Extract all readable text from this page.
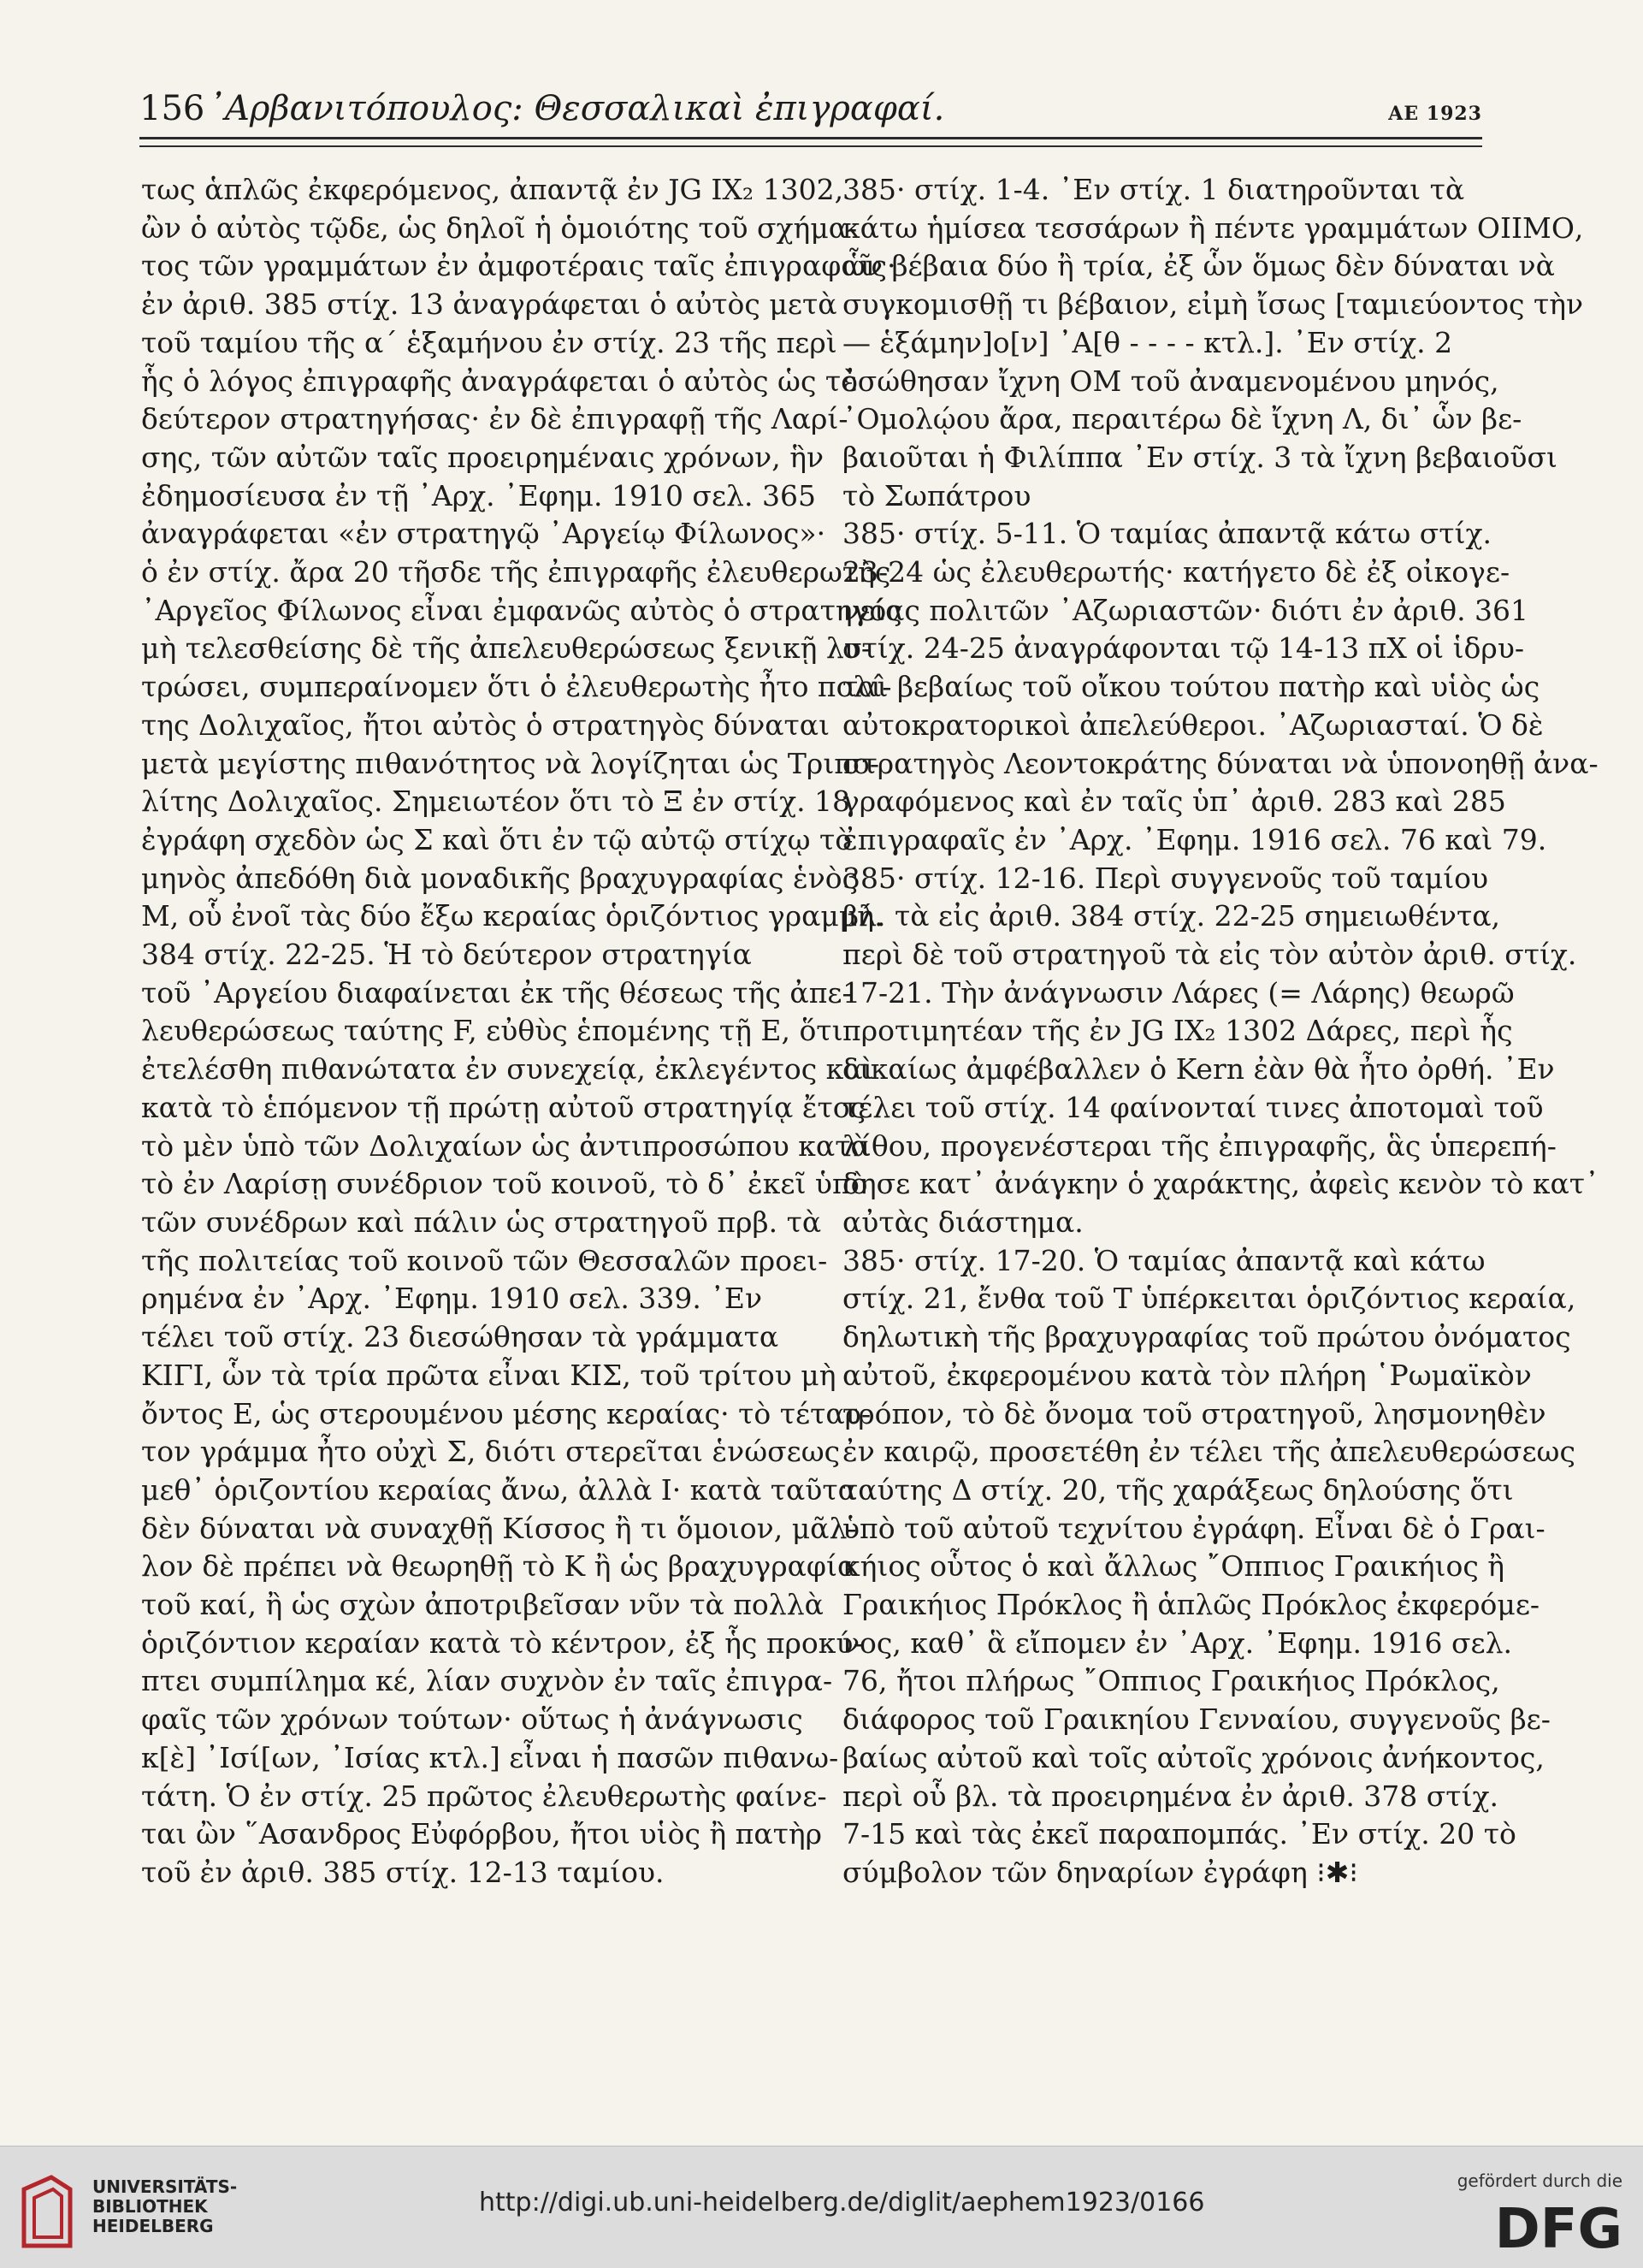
156 ᾿Αρβανιτόπουλος: Θεσσαλικαὶ ἐπιγραφαί.	ΑΕ 1923

τως ἁπλῶς ἐκφερόμενος, ἀπαντᾷ ἐν JG IX₂ 1302,

ὢν ὁ αὐτὸς τῷδε, ὡς δηλοῖ ἡ ὁμοιότης τοῦ σχήμα-

τος τῶν γραμμάτων ἐν ἀμφοτέραις ταῖς ἐπιγραφαῖς·

ἐν ἀριθ. 385 στίχ. 13 ἀναγράφεται ὁ αὐτὸς μετὰ

τοῦ ταμίου τῆς α΄ ἑξαμήνου ἐν στίχ. 23 τῆς περὶ

ἧς ὁ λόγος ἐπιγραφῆς ἀναγράφεται ὁ αὐτὸς ὡς τὸ

δεύτερον στρατηγήσας· ἐν δὲ ἐπιγραφῇ τῆς Λαρί-

σης, τῶν αὐτῶν ταῖς προειρημέναις χρόνων, ἣν

ἐδημοσίευσα ἐν τῇ ᾿Αρχ. ᾿Εφημ. 1910 σελ. 365

ἀναγράφεται «ἐν στρατηγῷ ᾿Αργείῳ Φίλωνος»·

ὁ ἐν στίχ. ἄρα 20 τῆσδε τῆς ἐπιγραφῆς ἐλευθερωτὴς

᾿Αργεῖος Φίλωνος εἶναι ἐμφανῶς αὐτὸς ὁ στρατηγός

μὴ τελεσθείσης δὲ τῆς ἀπελευθερώσεως ξενικῇ λυ-

τρώσει, συμπεραίνομεν ὅτι ὁ ἐλευθερωτὴς ἦτο πολί-

της Δολιχαῖος, ἤτοι αὐτὸς ὁ στρατηγὸς δύναται

μετὰ μεγίστης πιθανότητος νὰ λογίζηται ὡς Τριπο-

λίτης Δολιχαῖος. Σημειωτέον ὅτι τὸ Ξ ἐν στίχ. 18

ἐγράφη σχεδὸν ὡς Σ καὶ ὅτι ἐν τῷ αὐτῷ στίχῳ τὸ

μηνὸς ἀπεδόθη διὰ μοναδικῆς βραχυγραφίας ἑνὸς

Μ, οὗ ἐνοῖ τὰς δύο ἔξω κεραίας ὁριζόντιος γραμμή.

384 στίχ. 22-25. Ἡ τὸ δεύτερον στρατηγία

τοῦ ᾿Αργείου διαφαίνεται ἐκ τῆς θέσεως τῆς ἀπε-

λευθερώσεως ταύτης F, εὐθὺς ἑπομένης τῇ Ε, ὅτι

ἐτελέσθη πιθανώτατα ἐν συνεχείᾳ, ἐκλεγέντος καὶ

κατὰ τὸ ἑπόμενον τῇ πρώτῃ αὐτοῦ στρατηγίᾳ ἔτος

τὸ μὲν ὑπὸ τῶν Δολιχαίων ὡς ἀντιπροσώπου κατὰ

τὸ ἐν Λαρίσῃ συνέδριον τοῦ κοινοῦ, τὸ δ᾿ ἐκεῖ ὑπὸ

τῶν συνέδρων καὶ πάλιν ὡς στρατηγοῦ πρβ. τὰ

τῆς πολιτείας τοῦ κοινοῦ τῶν Θεσσαλῶν προει-

ρημένα ἐν ᾿Αρχ. ᾿Εφημ. 1910 σελ. 339. ᾿Εν

τέλει τοῦ στίχ. 23 διεσώθησαν τὰ γράμματα

ΚΙΓΙ, ὧν τὰ τρία πρῶτα εἶναι ΚΙΣ, τοῦ τρίτου μὴ

ὄντος Ε, ὡς στερουμένου μέσης κεραίας· τὸ τέταρ-

τον γράμμα ἦτο οὐχὶ Σ, διότι στερεῖται ἑνώσεως

μεθ᾿ ὁριζοντίου κεραίας ἄνω, ἀλλὰ Ι· κατὰ ταῦτα

δὲν δύναται νὰ συναχθῇ Κίσσος ἢ τι ὅμοιον, μᾶλ-

λον δὲ πρέπει νὰ θεωρηθῇ τὸ Κ ἢ ὡς βραχυγραφία

τοῦ καί, ἢ ὡς σχὼν ἀποτριβεῖσαν νῦν τὰ πολλὰ

ὁριζόντιον κεραίαν κατὰ τὸ κέντρον, ἐξ ἧς προκύ-

πτει συμπίλημα κέ, λίαν συχνὸν ἐν ταῖς ἐπιγρα-

φαῖς τῶν χρόνων τούτων· οὕτως ἡ ἀνάγνωσις

κ[ὲ] ᾿Ισί[ων, ᾿Ισίας κτλ.] εἶναι ἡ πασῶν πιθανω-

τάτη. Ὁ ἐν στίχ. 25 πρῶτος ἐλευθερωτὴς φαίνε-

ται ὢν ῞Ασανδρος Εὐφόρβου, ἤτοι υἱὸς ἢ πατὴρ

τοῦ ἐν ἀριθ. 385 στίχ. 12-13 ταμίου.

385· στίχ. 1-4. ᾿Εν στίχ. 1 διατηροῦνται τὰ

κάτω ἡμίσεα τεσσάρων ἢ πέντε γραμμάτων ΟΙΙΜΟ,

ὧν βέβαια δύο ἢ τρία, ἐξ ὧν ὅμως δὲν δύναται νὰ

συγκομισθῇ τι βέβαιον, εἰμὴ ἴσως [ταμιεύοντος τὴν

— ἑξάμην]ο[ν] ᾿Α[θ - - - - κτλ.]. ᾿Εν στίχ. 2

ἐσώθησαν ἴχνη ΟΜ τοῦ ἀναμενομένου μηνός,

᾿Ομολῴου ἄρα, περαιτέρω δὲ ἴχνη Λ, δι᾿ ὧν βε-

βαιοῦται ἡ Φιλίππα ᾿Εν στίχ. 3 τὰ ἴχνη βεβαιοῦσι

τὸ Σωπάτρου

385· στίχ. 5-11. Ὁ ταμίας ἀπαντᾷ κάτω στίχ.

23-24 ὡς ἐλευθερωτής· κατήγετο δὲ ἐξ οἰκογε-

νείας πολιτῶν ᾿Αζωριαστῶν· διότι ἐν ἀριθ. 361

στίχ. 24-25 ἀναγράφονται τῷ 14-13 πΧ οἱ ἱδρυ-

ταὶ βεβαίως τοῦ οἴκου τούτου πατὴρ καὶ υἱὸς ὡς

αὐτοκρατορικοὶ ἀπελεύθεροι. ᾿Αζωριασταί. Ὁ δὲ

στρατηγὸς Λεοντοκράτης δύναται νὰ ὑπονοηθῇ ἀνα-

γραφόμενος καὶ ἐν ταῖς ὑπ᾿ ἀριθ. 283 καὶ 285

ἐπιγραφαῖς ἐν ᾿Αρχ. ᾿Εφημ. 1916 σελ. 76 καὶ 79.

385· στίχ. 12-16. Περὶ συγγενοῦς τοῦ ταμίου

βλ. τὰ εἰς ἀριθ. 384 στίχ. 22-25 σημειωθέντα,

περὶ δὲ τοῦ στρατηγοῦ τὰ εἰς τὸν αὐτὸν ἀριθ. στίχ.

17-21. Τὴν ἀνάγνωσιν Λάρες (= Λάρης) θεωρῶ

προτιμητέαν τῆς ἐν JG IX₂ 1302 Δάρες, περὶ ἧς

δικαίως ἀμφέβαλλεν ὁ Kern ἐὰν θὰ ἦτο ὀρθή. ᾿Εν

τέλει τοῦ στίχ. 14 φαίνονταί τινες ἀποτομαὶ τοῦ

λίθου, προγενέστεραι τῆς ἐπιγραφῆς, ἃς ὑπερεπή-

δησε κατ᾿ ἀνάγκην ὁ χαράκτης, ἀφεὶς κενὸν τὸ κατ᾿

αὐτὰς διάστημα.

385· στίχ. 17-20. Ὁ ταμίας ἀπαντᾷ καὶ κάτω

στίχ. 21, ἔνθα τοῦ Τ ὑπέρκειται ὁριζόντιος κεραία,

δηλωτικὴ τῆς βραχυγραφίας τοῦ πρώτου ὀνόματος

αὐτοῦ, ἐκφερομένου κατὰ τὸν πλήρη ῾Ρωμαϊκὸν

τρόπον, τὸ δὲ ὄνομα τοῦ στρατηγοῦ, λησμονηθὲν

ἐν καιρῷ, προσετέθη ἐν τέλει τῆς ἀπελευθερώσεως

ταύτης Δ στίχ. 20, τῆς χαράξεως δηλούσης ὅτι

ὑπὸ τοῦ αὐτοῦ τεχνίτου ἐγράφη. Εἶναι δὲ ὁ Γραι-

κήιος οὗτος ὁ καὶ ἄλλως ῎Οππιος Γραικήιος ἢ

Γραικήιος Πρόκλος ἢ ἁπλῶς Πρόκλος ἐκφερόμε-

νος, καθ᾿ ἃ εἴπομεν ἐν ᾿Αρχ. ᾿Εφημ. 1916 σελ.

76, ἤτοι πλήρως ῎Οππιος Γραικήιος Πρόκλος,

διάφορος τοῦ Γραικηίου Γενναίου, συγγενοῦς βε-

βαίως αὐτοῦ καὶ τοῖς αὐτοῖς χρόνοις ἀνήκοντος,

περὶ οὗ βλ. τὰ προειρημένα ἐν ἀριθ. 378 στίχ.

7-15 καὶ τὰς ἐκεῖ παραπομπάς. ᾿Εν στίχ. 20 τὸ

σύμβολον τῶν δηναρίων ἐγράφη ⁝✱⁝

UNIVERSITÄTS-
BIBLIOTHEK
HEIDELBERG
http://digi.ub.uni-heidelberg.de/diglit/aephem1923/0166
gefördert durch die
DFG
